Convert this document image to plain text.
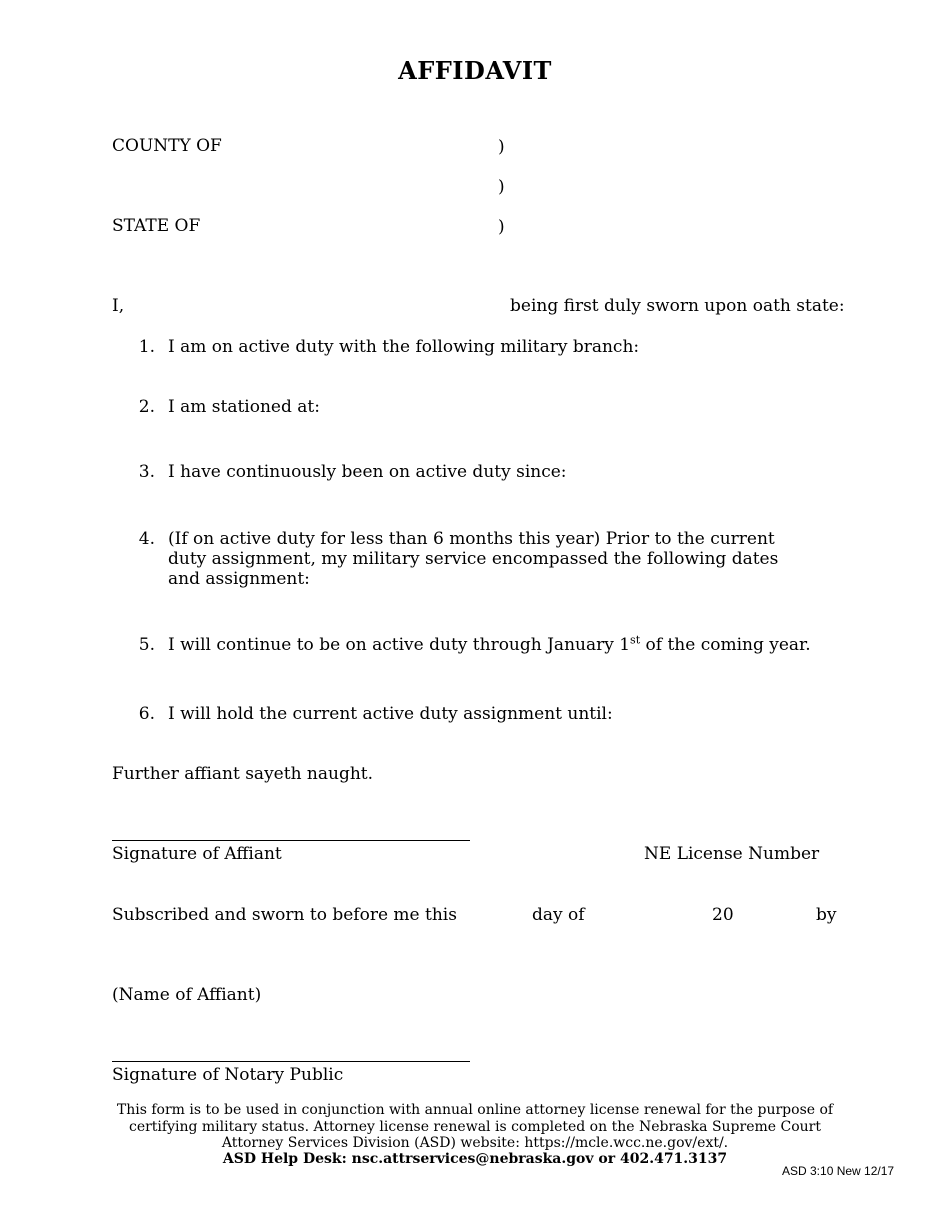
AFFIDAVIT
COUNTY OF	)
)
STATE OF	)
I,	being first duly sworn upon oath state:
1. I am on active duty with the following military branch:
2. I am stationed at:
3. I have continuously been on active duty since:
4. (If on active duty for less than 6 months this year) Prior to the current duty assignment, my military service encompassed the following dates and assignment:
5. I will continue to be on active duty through January 1st of the coming year.
6. I will hold the current active duty assignment until:
Further affiant sayeth naught.
Signature of Affiant	NE License Number
Subscribed and sworn to before me this	day of	20	by
(Name of Affiant)
Signature of Notary Public
This form is to be used in conjunction with annual online attorney license renewal for the purpose of certifying military status. Attorney license renewal is completed on the Nebraska Supreme Court Attorney Services Division (ASD) website: https://mcle.wcc.ne.gov/ext/.
ASD Help Desk: nsc.attrservices@nebraska.gov or 402.471.3137
ASD 3:10 New 12/17
